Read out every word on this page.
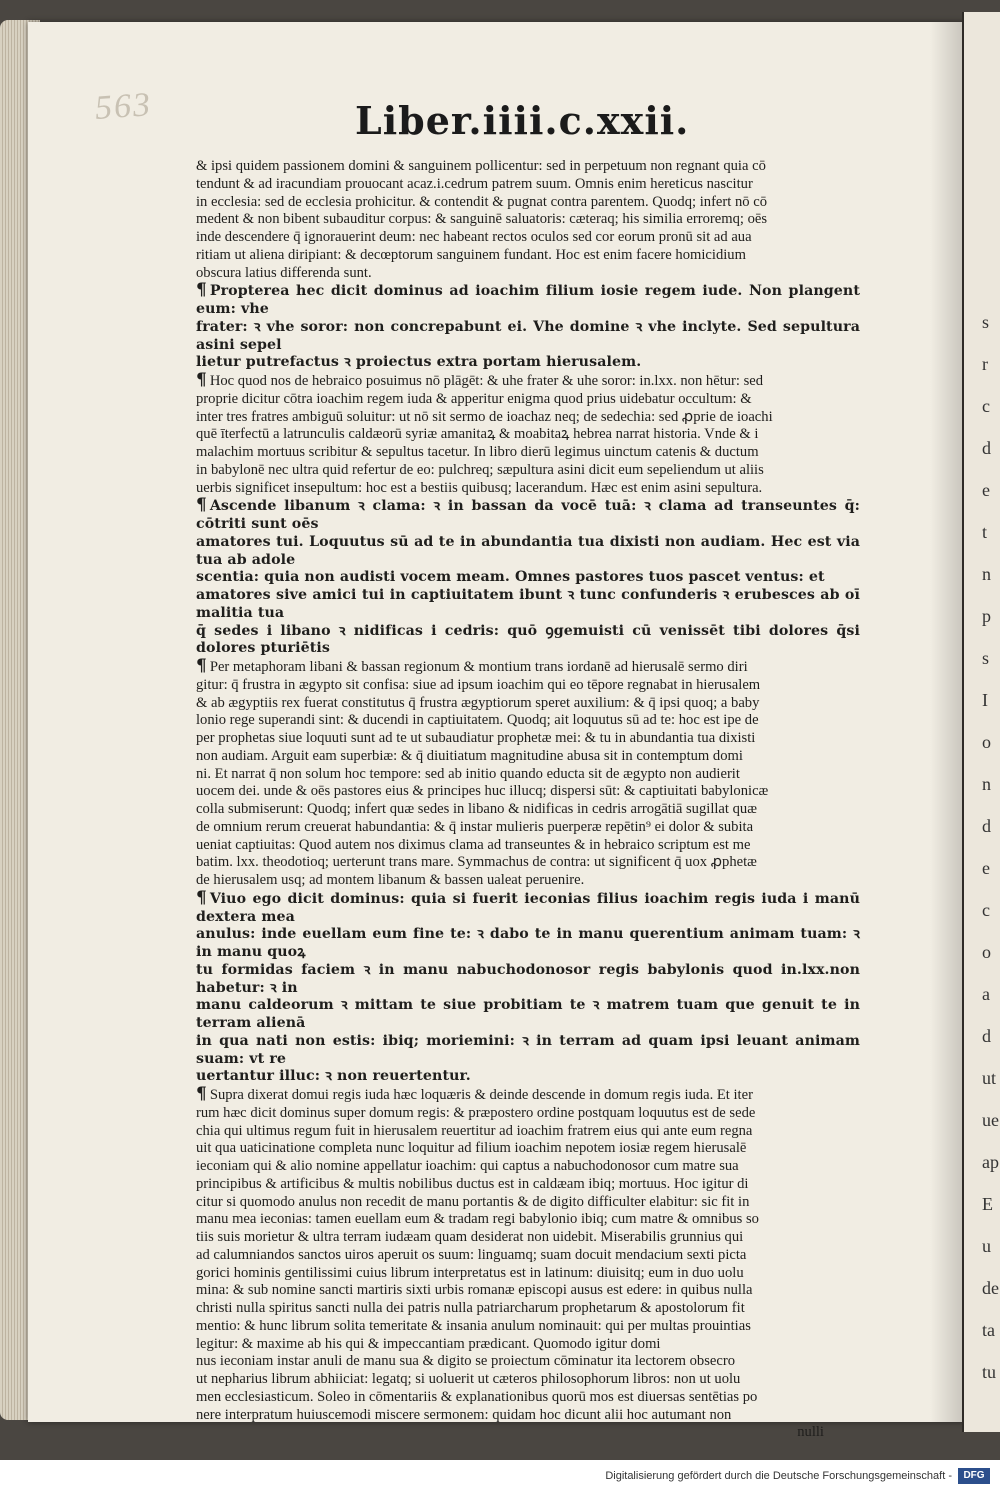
s
r
c
d
e
t
n
p
s
I
o
n
d
e
c
o
a
d
ut
ue
ap
E
u
de
ta
tu
563	Liber.iiii.c.xxii.
& ipsi quidem passionem domini & sanguinem pollicentur: sed in perpetuum non regnant quia cō
tendunt & ad iracundiam prouocant acaz.i.cedrum patrem suum. Omnis enim hereticus nascitur
in ecclesia: sed de ecclesia prohicitur. & contendit & pugnat contra parentem. Quodq; infert nō cō
medent & non bibent subauditur corpus: & sanguinē saluatoris: cæteraq; his similia erroremq; oēs
inde descendere q̄ ignorauerint deum: nec habeant rectos oculos sed cor eorum pronū sit ad aua
ritiam ut aliena diripiant: & decœptorum sanguinem fundant. Hoc est enim facere homicidium
obscura latius differenda sunt.
¶ Propterea hec dicit dominus ad ioachim filium iosie regem iude. Non plangent eum: vhe
frater: ꝛ vhe soror: non concrepabunt ei. Vhe domine ꝛ vhe inclyte. Sed sepultura asini sepel
lietur putrefactus ꝛ proiectus extra portam hierusalem.
¶ Hoc quod nos de hebraico posuimus nō plāgēt: & uhe frater & uhe soror: in.lxx. non hētur: sed
proprie dicitur cōtra ioachim regem iuda & apperitur enigma quod prius uidebatur occultum: &
inter tres fratres ambiguū soluitur: ut nō sit sermo de ioachaz neq; de sedechia: sed ꝓprie de ioachi
quē īterfectū a latrunculis caldæorū syriæ amanitaꝝ & moabitaꝝ hebrea narrat historia. Vnde & i
malachim mortuus scribitur & sepultus tacetur. In libro dierū legimus uinctum catenis & ductum
in babylonē nec ultra quid refertur de eo: pulchreq; sæpultura asini dicit eum sepeliendum ut aliis
uerbis significet insepultum: hoc est a bestiis quibusq; lacerandum. Hæc est enim asini sepultura.
¶ Ascende libanum ꝛ clama: ꝛ in bassan da vocē tuā: ꝛ clama ad transeuntes q̄: cōtriti sunt oēs
amatores tui. Loquutus sū ad te in abundantia tua dixisti non audiam. Hec est via tua ab adole
scentia: quia non audisti vocem meam. Omnes pastores tuos pascet ventus: et
amatores sive amici tui in captiuitatem ibunt ꝛ tunc confunderis ꝛ erubesces ab oī malitia tua
q̄ sedes i libano ꝛ nidificas i cedris: quō ꝯgemuisti cū venissēt tibi dolores q̄si dolores pturiētis
¶ Per metaphoram libani & bassan regionum & montium trans iordanē ad hierusalē sermo diri
gitur: q̄ frustra in ægypto sit confisa: siue ad ipsum ioachim qui eo tēpore regnabat in hierusalem
& ab ægyptiis rex fuerat constitutus q̄ frustra ægyptiorum speret auxilium: & q̄ ipsi quoq; a baby
lonio rege superandi sint: & ducendi in captiuitatem. Quodq; ait loquutus sū ad te: hoc est ipe de
per prophetas siue loquuti sunt ad te ut subaudiatur prophetæ mei: & tu in abundantia tua dixisti
non audiam. Arguit eam superbiæ: & q̄ diuitiatum magnitudine abusa sit in contemptum domi
ni. Et narrat q̄ non solum hoc tempore: sed ab initio quando educta sit de ægypto non audierit
uocem dei. unde & oēs pastores eius & principes huc illucq; dispersi sūt: & captiuitati babylonicæ
colla submiserunt: Quodq; infert quæ sedes in libano & nidificas in cedris arrogātiā sugillat quæ
de omnium rerum creuerat habundantia: & q̄ instar mulieris puerperæ repētin⁹ ei dolor & subita
ueniat captiuitas: Quod autem nos diximus clama ad transeuntes & in hebraico scriptum est me
batim. lxx. theodotioq; uerterunt trans mare. Symmachus de contra: ut significent q̄ uox ꝓphetæ
de hierusalem usq; ad montem libanum & bassen ualeat peruenire.
¶ Viuo ego dicit dominus: quia si fuerit ieconias filius ioachim regis iuda i manū dextera mea
anulus: inde euellam eum fine te: ꝛ dabo te in manu querentium animam tuam: ꝛ in manu quoꝝ
tu formidas faciem ꝛ in manu nabuchodonosor regis babylonis quod in.lxx.non habetur: ꝛ in
manu caldeorum ꝛ mittam te siue probitiam te ꝛ matrem tuam que genuit te in terram alienā
in qua nati non estis: ibiq; moriemini: ꝛ in terram ad quam ipsi leuant animam suam: vt re
uertantur illuc: ꝛ non reuertentur.
¶ Supra dixerat domui regis iuda hæc loquæris & deinde descende in domum regis iuda. Et iter
rum hæc dicit dominus super domum regis: & præpostero ordine postquam loquutus est de sede
chia qui ultimus regum fuit in hierusalem reuertitur ad ioachim fratrem eius qui ante eum regna
uit qua uaticinatione completa nunc loquitur ad filium ioachim nepotem iosiæ regem hierusalē
ieconiam qui & alio nomine appellatur ioachim: qui captus a nabuchodonosor cum matre sua
principibus & artificibus & multis nobilibus ductus est in caldæam ibiq; mortuus. Hoc igitur di
citur si quomodo anulus non recedit de manu portantis & de digito difficulter elabitur: sic fit in
manu mea ieconias: tamen euellam eum & tradam regi babylonio ibiq; cum matre & omnibus so
tiis suis morietur & ultra terram iudæam quam desiderat non uidebit. Miserabilis grunnius qui
ad calumniandos sanctos uiros aperuit os suum: linguamq; suam docuit mendacium sexti picta
gorici hominis gentilissimi cuius librum interpretatus est in latinum: diuisitq; eum in duo uolu
mina: & sub nomine sancti martiris sixti urbis romanæ episcopi ausus est edere: in quibus nulla
christi nulla spiritus sancti nulla dei patris nulla patriarcharum prophetarum & apostolorum fit
mentio: & hunc librum solita temeritate & insania anulum nominauit: qui per multas prouintias
legitur: & maxime ab his qui & impeccantiam prædicant. Quomodo igitur domi
nus ieconiam instar anuli de manu sua & digito se proiectum cōminatur ita lectorem obsecro
ut nepharius librum abhiiciat: legatq; si uoluerit ut cæteros philosophorum libros: non ut uolu
men ecclesiasticum. Soleo in cōmentariis & explanationibus quorū mos est diuersas sentētias po
nere interpratum huiuscemodi miscere sermonem: quidam hoc dicunt alii hoc autumant non
nulli
Digitalisierung gefördert durch die Deutsche Forschungsgemeinschaft -	DFG
